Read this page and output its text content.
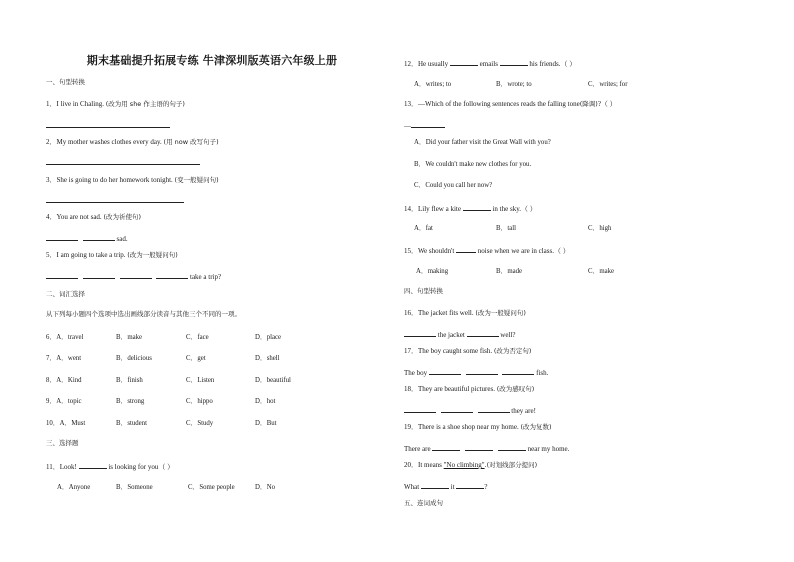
期末基础提升拓展专练 牛津深圳版英语六年级上册
一、句型转换
1．I live in Chaling. (改为用 she 作主语的句子)
2．My mother washes clothes every day. (用 now 改写句子)
3．She is going to do her homework tonight. (变一般疑问句)
4．You are not sad. (改为祈使句)
sad.
5．I am going to take a trip. (改为一般疑问句)
take a trip?
二、词汇选择
从下列每小题四个选项中选出画线部分读音与其他三个不同的一项。
6．A．travel	B．make	C．face	D．place
7．A．went	B．delicious	C．get	D．shell
8．A．Kind	B．finish	C．Listen	D．beautiful
9．A．topic	B．strong	C．hippo	D．hot
10．A．Must	B．student	C．Study	D．But
三、选择题
11．Look!	is looking for you（ ）
A．Anyone	B．Someone	C．Some people	D．No
12．He usually	emails	his friends.（ ）
A．writes; to	B．wrote; to	C．writes; for
13．—Which of the following sentences reads the falling tone(降调)?（ ）
—
A．Did your father visit the Great Wall with you?
B．We couldn't make new clothes for you.
C．Could you call her now?
14．Lily flew a kite	in the sky.（ ）
A．fat	B．tall	C．high
15．We shouldn't	noise when we are in class.（ ）
A．making	B．made	C．make
四、句型转换
16．The jacket fits well. (改为一般疑问句)
the jacket	well?
17．The boy caught some fish. (改为否定句)
The boy	fish.
18．They are beautiful pictures. (改为感叹句)
they are!
19．There is a shoe shop near my home. (改为复数)
There are	near my home.
20．It means "No climbing".(对划线部分提问)
What	it	?
五、连词成句
